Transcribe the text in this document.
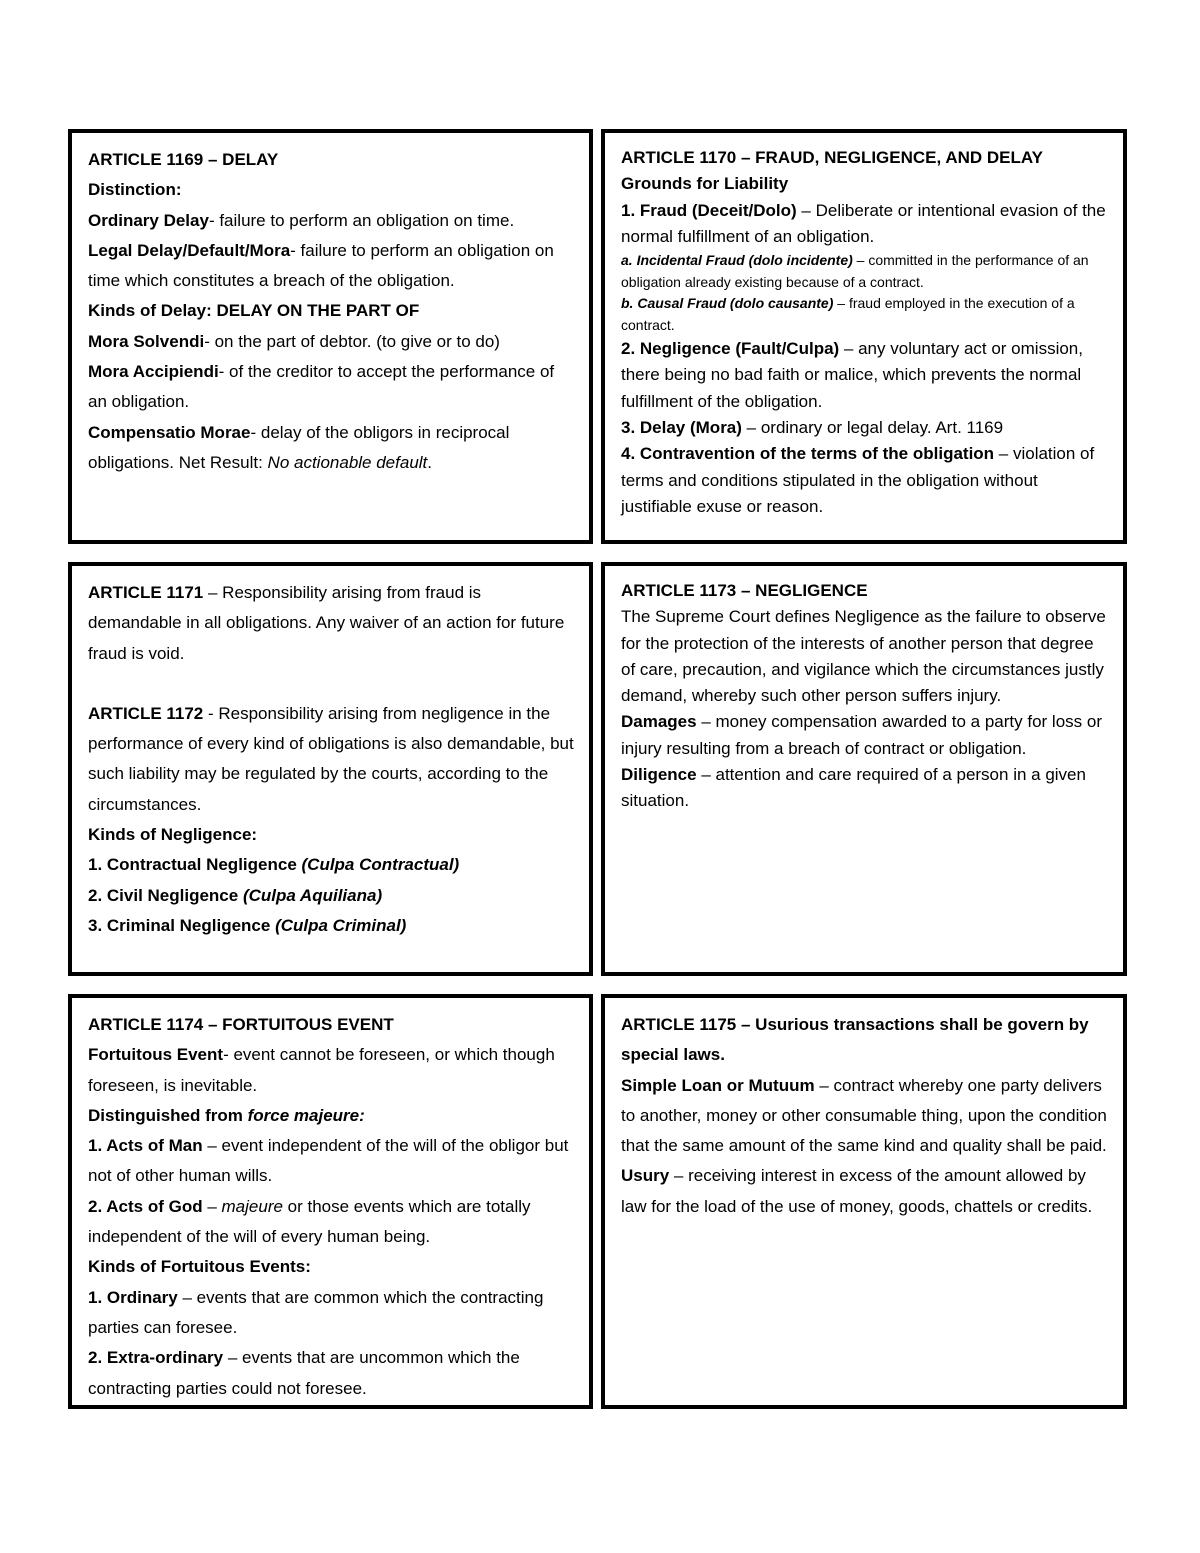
ARTICLE 1169 – DELAY

Distinction:

Ordinary Delay- failure to perform an obligation on time.

Legal Delay/Default/Mora- failure to perform an obligation on time which constitutes a breach of the obligation.

Kinds of Delay: DELAY ON THE PART OF

Mora Solvendi- on the part of debtor. (to give or to do)

Mora Accipiendi- of the creditor to accept the performance of an obligation.

Compensatio Morae- delay of the obligors in reciprocal obligations. Net Result: No actionable default.

ARTICLE 1170 – FRAUD, NEGLIGENCE, AND DELAY

Grounds for Liability

1. Fraud (Deceit/Dolo) – Deliberate or intentional evasion of the normal fulfillment of an obligation.

a. Incidental Fraud (dolo incidente) – committed in the performance of an obligation already existing because of a contract.

b. Causal Fraud (dolo causante) – fraud employed in the execution of a contract.

2. Negligence (Fault/Culpa) – any voluntary act or omission, there being no bad faith or malice, which prevents the normal fulfillment of the obligation.

3. Delay (Mora) – ordinary or legal delay. Art. 1169

4. Contravention of the terms of the obligation – violation of terms and conditions stipulated in the obligation without justifiable exuse or reason.

ARTICLE 1171 – Responsibility arising from fraud is demandable in all obligations. Any waiver of an action for future fraud is void.

ARTICLE 1172 - Responsibility arising from negligence in the performance of every kind of obligations is also demandable, but such liability may be regulated by the courts, according to the circumstances.

Kinds of Negligence:

1. Contractual Negligence (Culpa Contractual)

2. Civil Negligence (Culpa Aquiliana)

3. Criminal Negligence (Culpa Criminal)

ARTICLE 1173 – NEGLIGENCE

The Supreme Court defines Negligence as the failure to observe for the protection of the interests of another person that degree of care, precaution, and vigilance which the circumstances justly demand, whereby such other person suffers injury.

Damages – money compensation awarded to a party for loss or injury resulting from a breach of contract or obligation.

Diligence – attention and care required of a person in a given situation.

ARTICLE 1174 – FORTUITOUS EVENT

Fortuitous Event- event cannot be foreseen, or which though foreseen, is inevitable.

Distinguished from force majeure:

1. Acts of Man – event independent of the will of the obligor but not of other human wills.

2. Acts of God – majeure or those events which are totally independent of the will of every human being.

Kinds of Fortuitous Events:

1. Ordinary – events that are common which the contracting parties can foresee.

2. Extra-ordinary – events that are uncommon which the contracting parties could not foresee.

ARTICLE 1175 – Usurious transactions shall be govern by special laws.

Simple Loan or Mutuum – contract whereby one party delivers to another, money or other consumable thing, upon the condition that the same amount of the same kind and quality shall be paid.

Usury – receiving interest in excess of the amount allowed by law for the load of the use of money, goods, chattels or credits.
